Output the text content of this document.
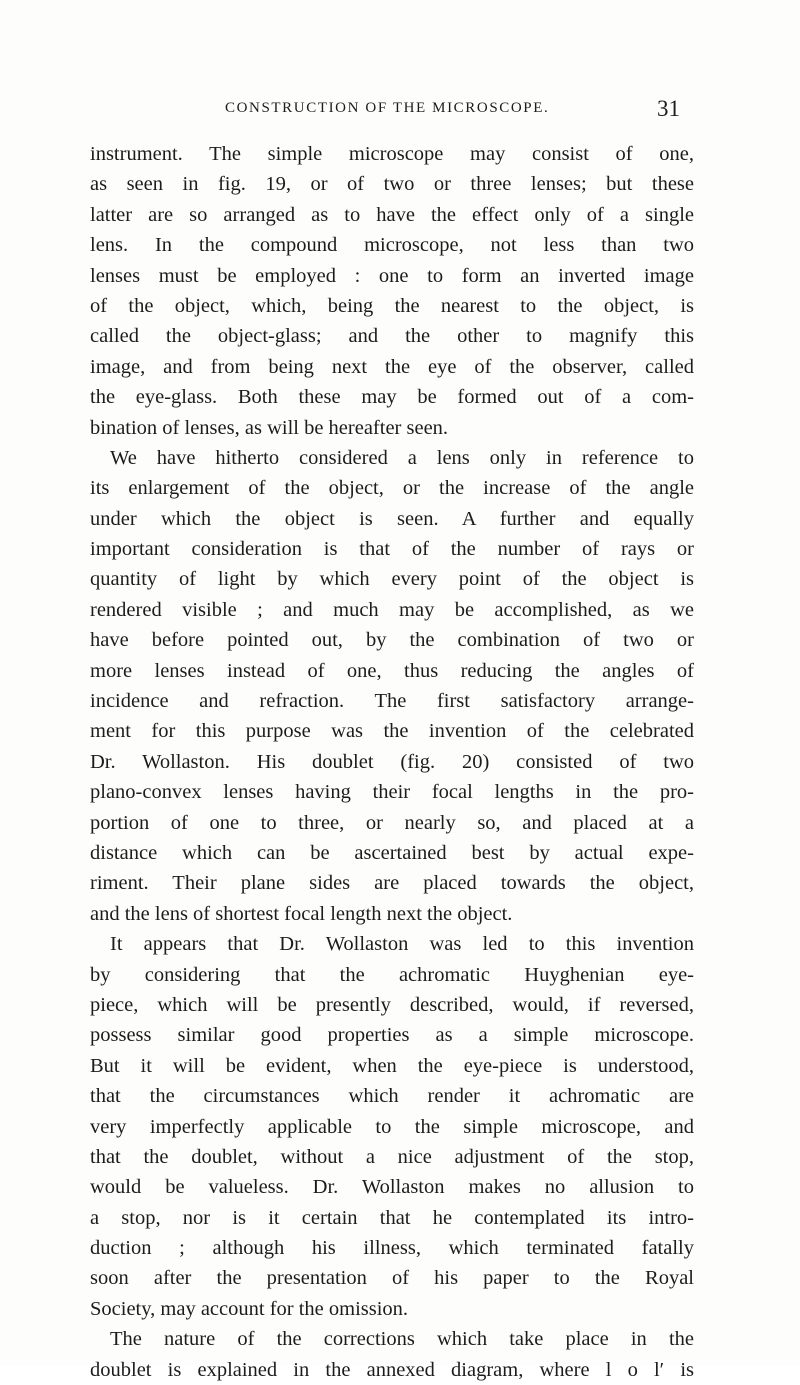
CONSTRUCTION OF THE MICROSCOPE.	31
instrument. The simple microscope may consist of one,
as seen in fig. 19, or of two or three lenses; but these
latter are so arranged as to have the effect only of a single
lens. In the compound microscope, not less than two
lenses must be employed : one to form an inverted image
of the object, which, being the nearest to the object, is
called the object-glass; and the other to magnify this
image, and from being next the eye of the observer, called
the eye-glass. Both these may be formed out of a com-
bination of lenses, as will be hereafter seen.
We have hitherto considered a lens only in reference to
its enlargement of the object, or the increase of the angle
under which the object is seen. A further and equally
important consideration is that of the number of rays or
quantity of light by which every point of the object is
rendered visible ; and much may be accomplished, as we
have before pointed out, by the combination of two or
more lenses instead of one, thus reducing the angles of
incidence and refraction. The first satisfactory arrange-
ment for this purpose was the invention of the celebrated
Dr. Wollaston. His doublet (fig. 20) consisted of two
plano-convex lenses having their focal lengths in the pro-
portion of one to three, or nearly so, and placed at a
distance which can be ascertained best by actual expe-
riment. Their plane sides are placed towards the object,
and the lens of shortest focal length next the object.
It appears that Dr. Wollaston was led to this invention
by considering that the achromatic Huyghenian eye-
piece, which will be presently described, would, if reversed,
possess similar good properties as a simple microscope.
But it will be evident, when the eye-piece is understood,
that the circumstances which render it achromatic are
very imperfectly applicable to the simple microscope, and
that the doublet, without a nice adjustment of the stop,
would be valueless. Dr. Wollaston makes no allusion to
a stop, nor is it certain that he contemplated its intro-
duction ; although his illness, which terminated fatally
soon after the presentation of his paper to the Royal
Society, may account for the omission.
The nature of the corrections which take place in the
doublet is explained in the annexed diagram, where l o l′ is
